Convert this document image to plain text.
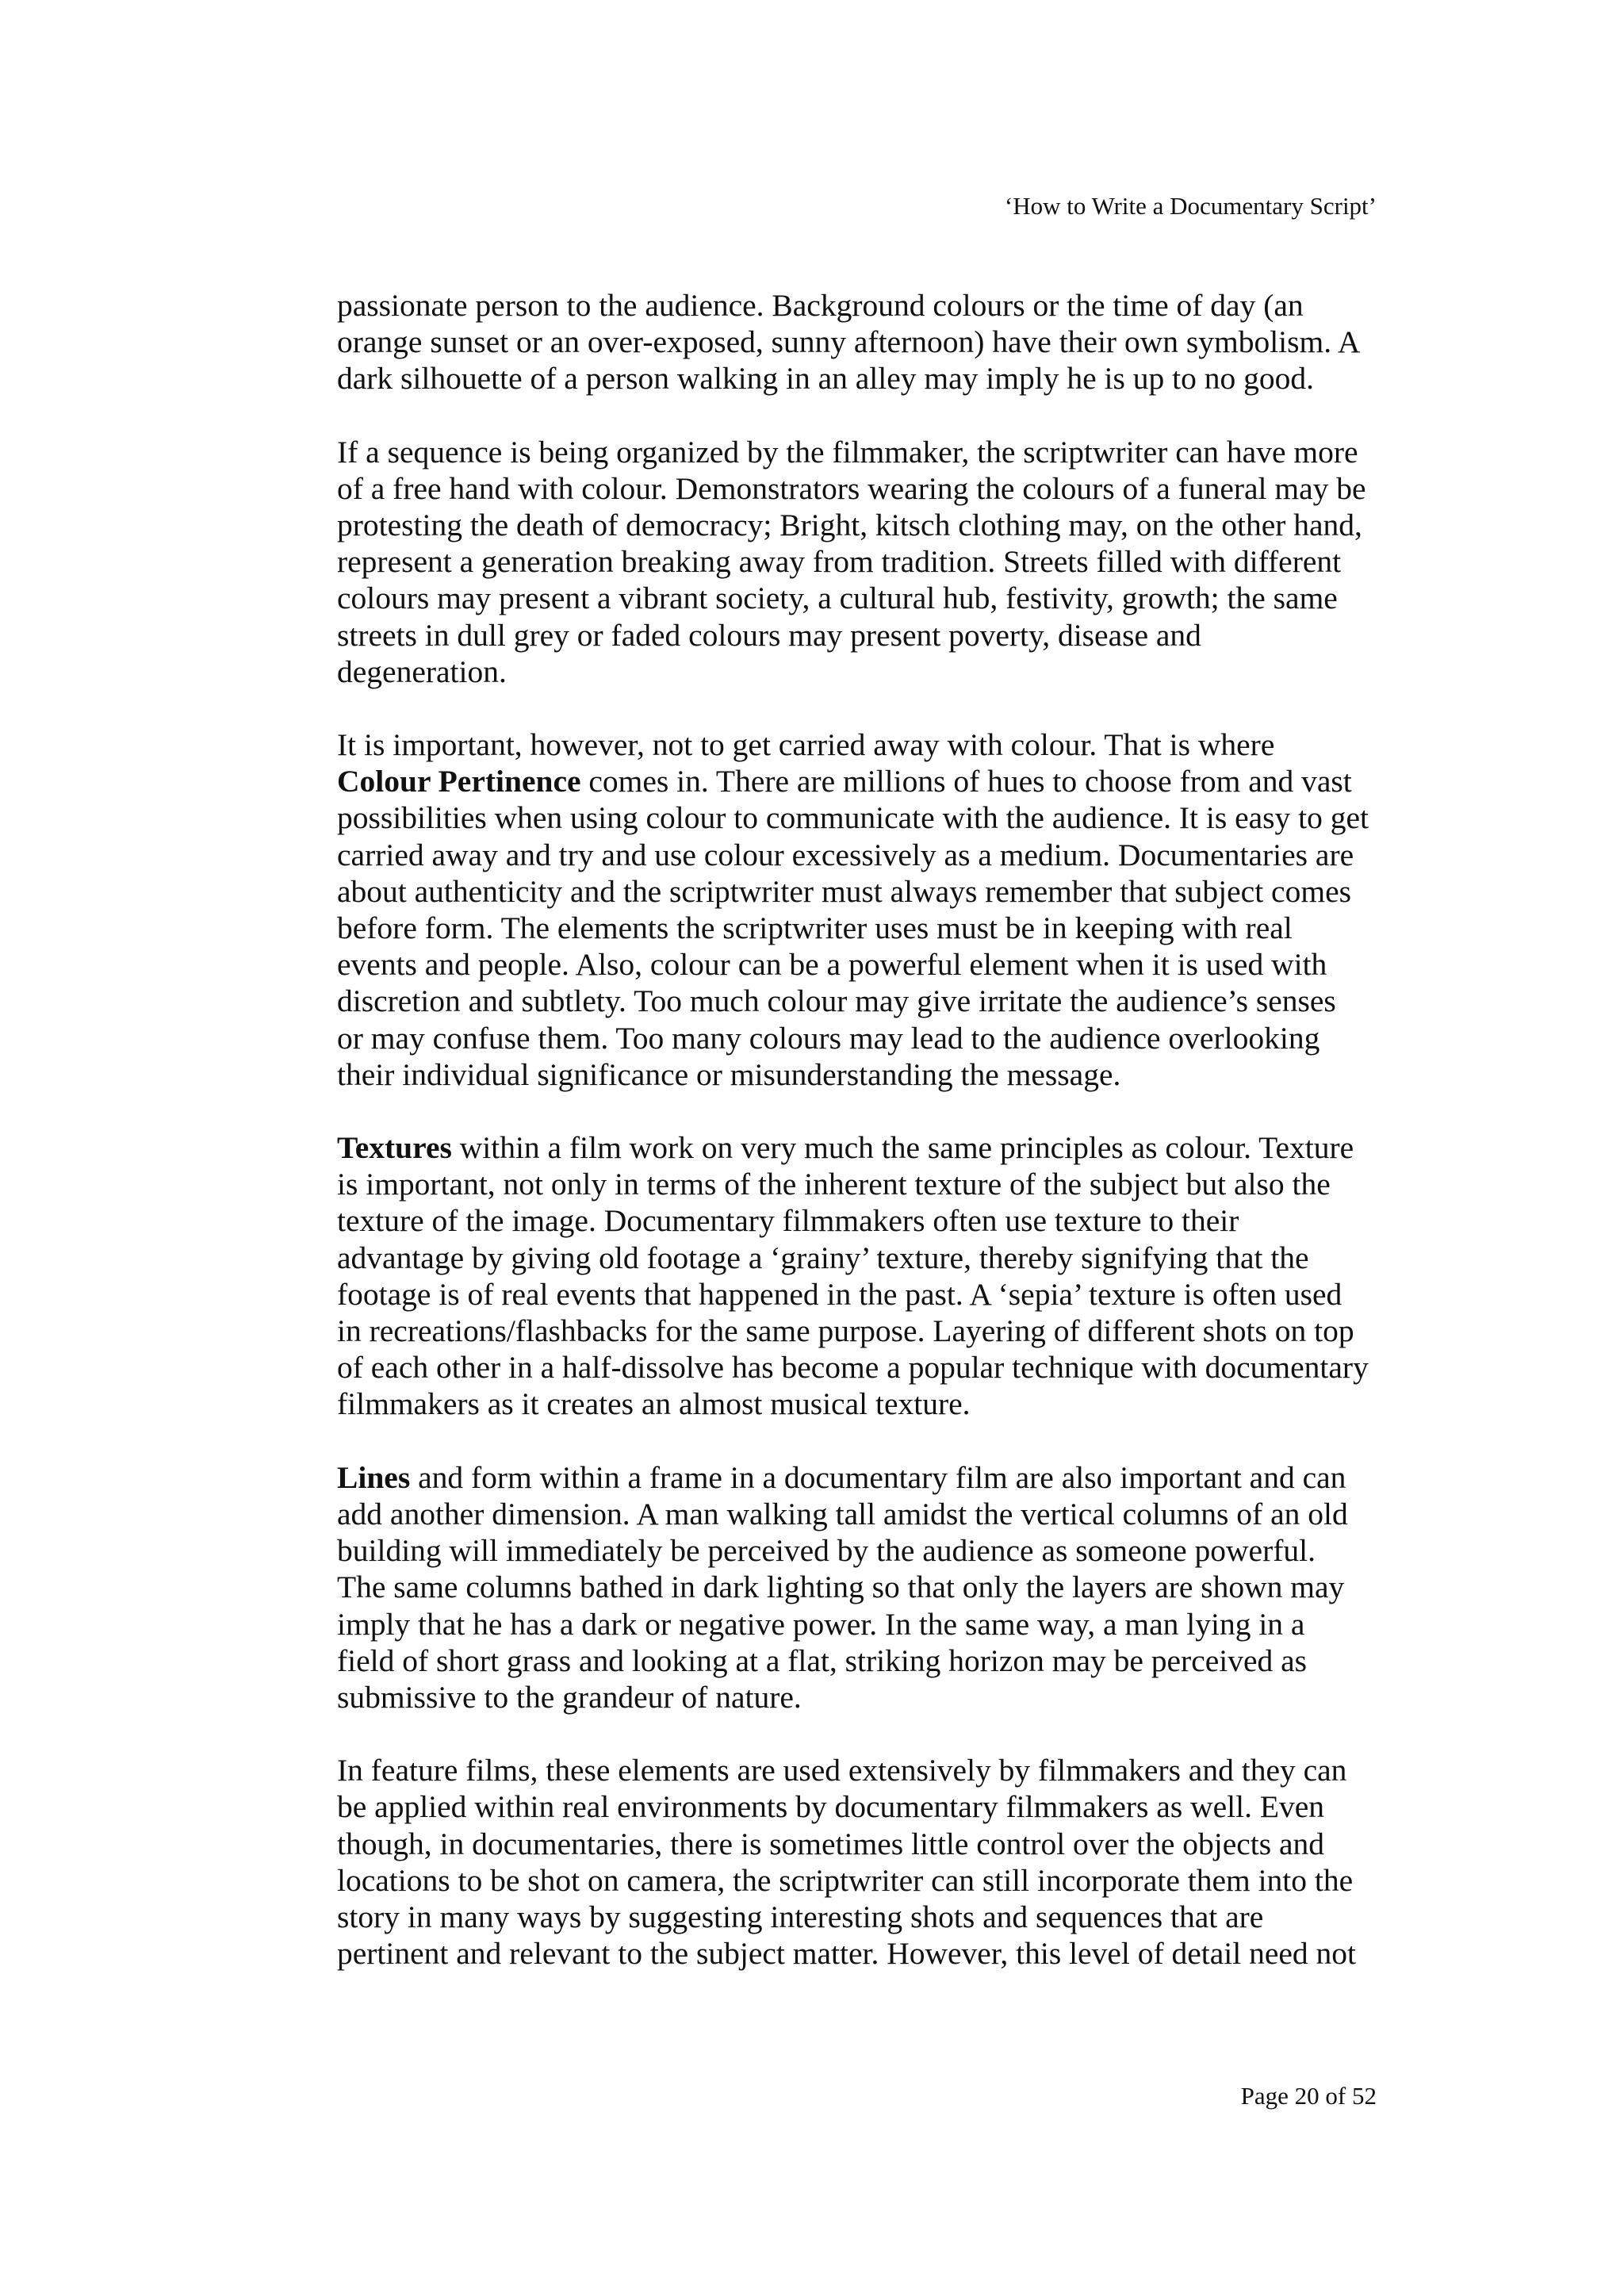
‘How to Write a Documentary Script’
passionate person to the audience. Background colours or the time of day (an
orange sunset or an over-exposed, sunny afternoon) have their own symbolism. A
dark silhouette of a person walking in an alley may imply he is up to no good.
If a sequence is being organized by the filmmaker, the scriptwriter can have more
of a free hand with colour. Demonstrators wearing the colours of a funeral may be
protesting the death of democracy; Bright, kitsch clothing may, on the other hand,
represent a generation breaking away from tradition. Streets filled with different
colours may present a vibrant society, a cultural hub, festivity, growth; the same
streets in dull grey or faded colours may present poverty, disease and
degeneration.
It is important, however, not to get carried away with colour. That is where
Colour Pertinence comes in. There are millions of hues to choose from and vast
possibilities when using colour to communicate with the audience. It is easy to get
carried away and try and use colour excessively as a medium. Documentaries are
about authenticity and the scriptwriter must always remember that subject comes
before form. The elements the scriptwriter uses must be in keeping with real
events and people. Also, colour can be a powerful element when it is used with
discretion and subtlety. Too much colour may give irritate the audience’s senses
or may confuse them. Too many colours may lead to the audience overlooking
their individual significance or misunderstanding the message.
Textures within a film work on very much the same principles as colour. Texture
is important, not only in terms of the inherent texture of the subject but also the
texture of the image. Documentary filmmakers often use texture to their
advantage by giving old footage a ‘grainy’ texture, thereby signifying that the
footage is of real events that happened in the past. A ‘sepia’ texture is often used
in recreations/flashbacks for the same purpose. Layering of different shots on top
of each other in a half-dissolve has become a popular technique with documentary
filmmakers as it creates an almost musical texture.
Lines and form within a frame in a documentary film are also important and can
add another dimension. A man walking tall amidst the vertical columns of an old
building will immediately be perceived by the audience as someone powerful.
The same columns bathed in dark lighting so that only the layers are shown may
imply that he has a dark or negative power. In the same way, a man lying in a
field of short grass and looking at a flat, striking horizon may be perceived as
submissive to the grandeur of nature.
In feature films, these elements are used extensively by filmmakers and they can
be applied within real environments by documentary filmmakers as well. Even
though, in documentaries, there is sometimes little control over the objects and
locations to be shot on camera, the scriptwriter can still incorporate them into the
story in many ways by suggesting interesting shots and sequences that are
pertinent and relevant to the subject matter. However, this level of detail need not
Page 20 of 52
